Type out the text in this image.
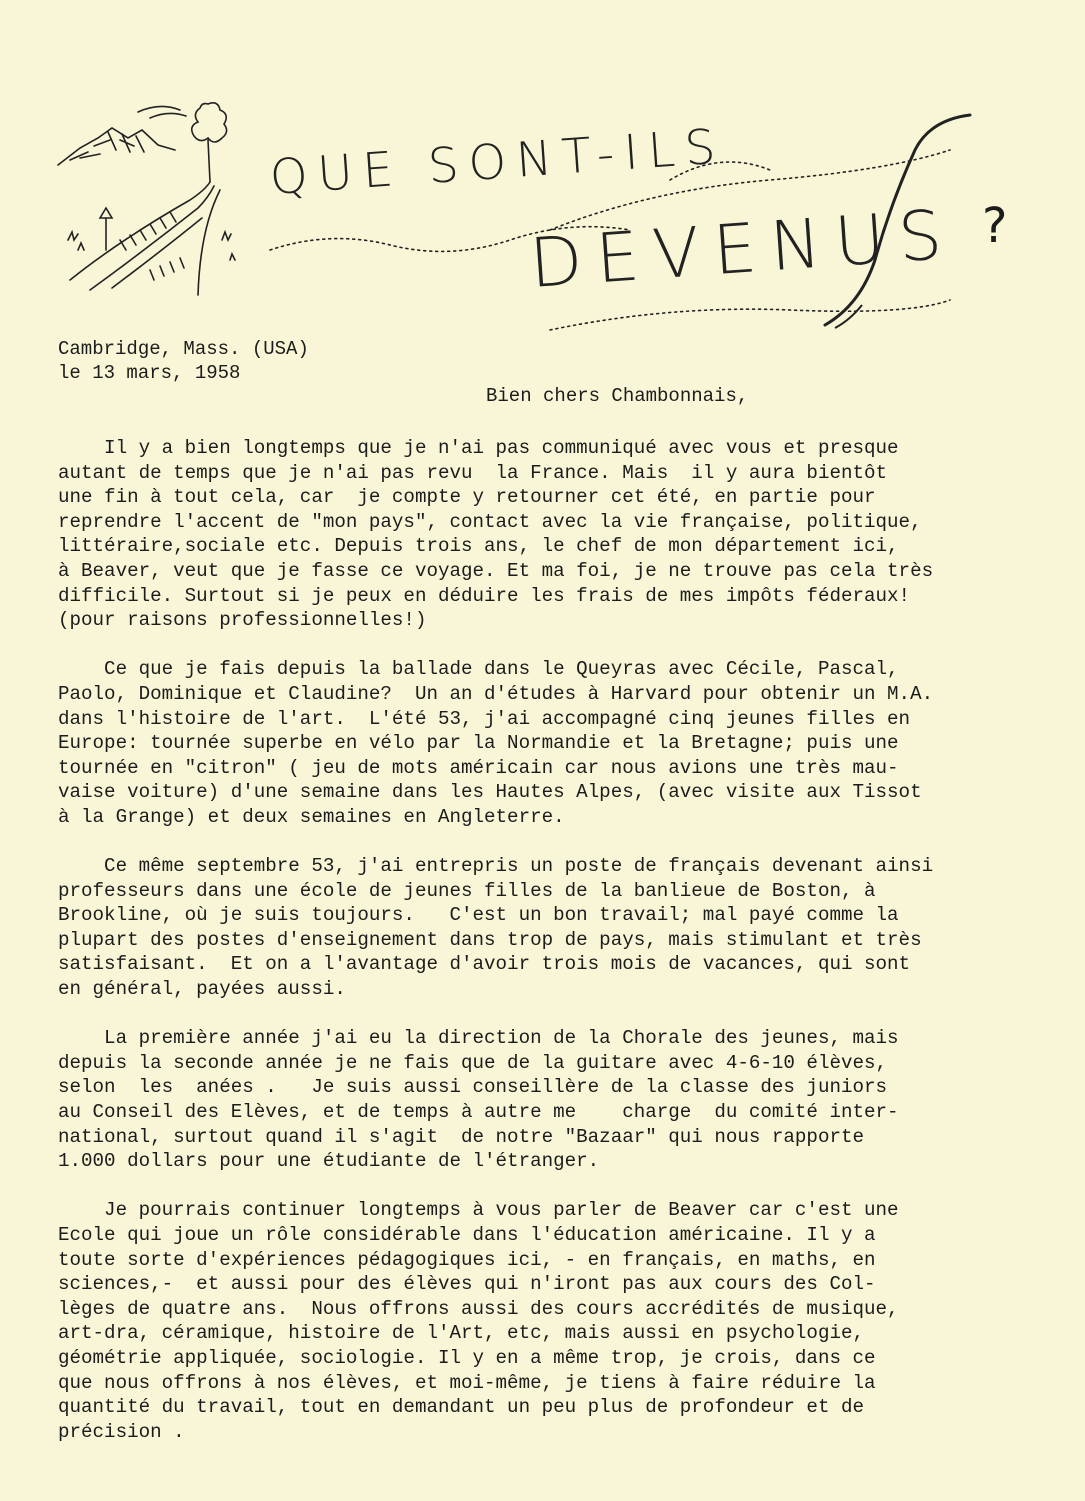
QUE SONT-ILS
DEVENUS ?
Cambridge, Mass. (USA)
le 13 mars, 1958
Bien chers Chambonnais,

Il y a bien longtemps que je n'ai pas communiqué avec vous et presque
autant de temps que je n'ai pas revu  la France. Mais  il y aura bientôt
une fin à tout cela, car  je compte y retourner cet été, en partie pour
reprendre l'accent de "mon pays", contact avec la vie française, politique,
littéraire,sociale etc. Depuis trois ans, le chef de mon département ici,
à Beaver, veut que je fasse ce voyage. Et ma foi, je ne trouve pas cela très
difficile. Surtout si je peux en déduire les frais de mes impôts féderaux!
(pour raisons professionnelles!)

Ce que je fais depuis la ballade dans le Queyras avec Cécile, Pascal,
Paolo, Dominique et Claudine?  Un an d'études à Harvard pour obtenir un M.A.
dans l'histoire de l'art.  L'été 53, j'ai accompagné cinq jeunes filles en
Europe: tournée superbe en vélo par la Normandie et la Bretagne; puis une
tournée en "citron" ( jeu de mots américain car nous avions une très mau-
vaise voiture) d'une semaine dans les Hautes Alpes, (avec visite aux Tissot
à la Grange) et deux semaines en Angleterre.

Ce même septembre 53, j'ai entrepris un poste de français devenant ainsi
professeurs dans une école de jeunes filles de la banlieue de Boston, à
Brookline, où je suis toujours.   C'est un bon travail; mal payé comme la
plupart des postes d'enseignement dans trop de pays, mais stimulant et très
satisfaisant.  Et on a l'avantage d'avoir trois mois de vacances, qui sont
en général, payées aussi.

La première année j'ai eu la direction de la Chorale des jeunes, mais
depuis la seconde année je ne fais que de la guitare avec 4-6-10 élèves,
selon  les  anées .   Je suis aussi conseillère de la classe des juniors
au Conseil des Elèves, et de temps à autre me    charge  du comité inter-
national, surtout quand il s'agit  de notre "Bazaar" qui nous rapporte
1.000 dollars pour une étudiante de l'étranger.

Je pourrais continuer longtemps à vous parler de Beaver car c'est une
Ecole qui joue un rôle considérable dans l'éducation américaine. Il y a
toute sorte d'expériences pédagogiques ici, - en français, en maths, en
sciences,-  et aussi pour des élèves qui n'iront pas aux cours des Col-
lèges de quatre ans.  Nous offrons aussi des cours accrédités de musique,
art-dra, céramique, histoire de l'Art, etc, mais aussi en psychologie,
géométrie appliquée, sociologie. Il y en a même trop, je crois, dans ce
que nous offrons à nos élèves, et moi-même, je tiens à faire réduire la
quantité du travail, tout en demandant un peu plus de profondeur et de
précision .
